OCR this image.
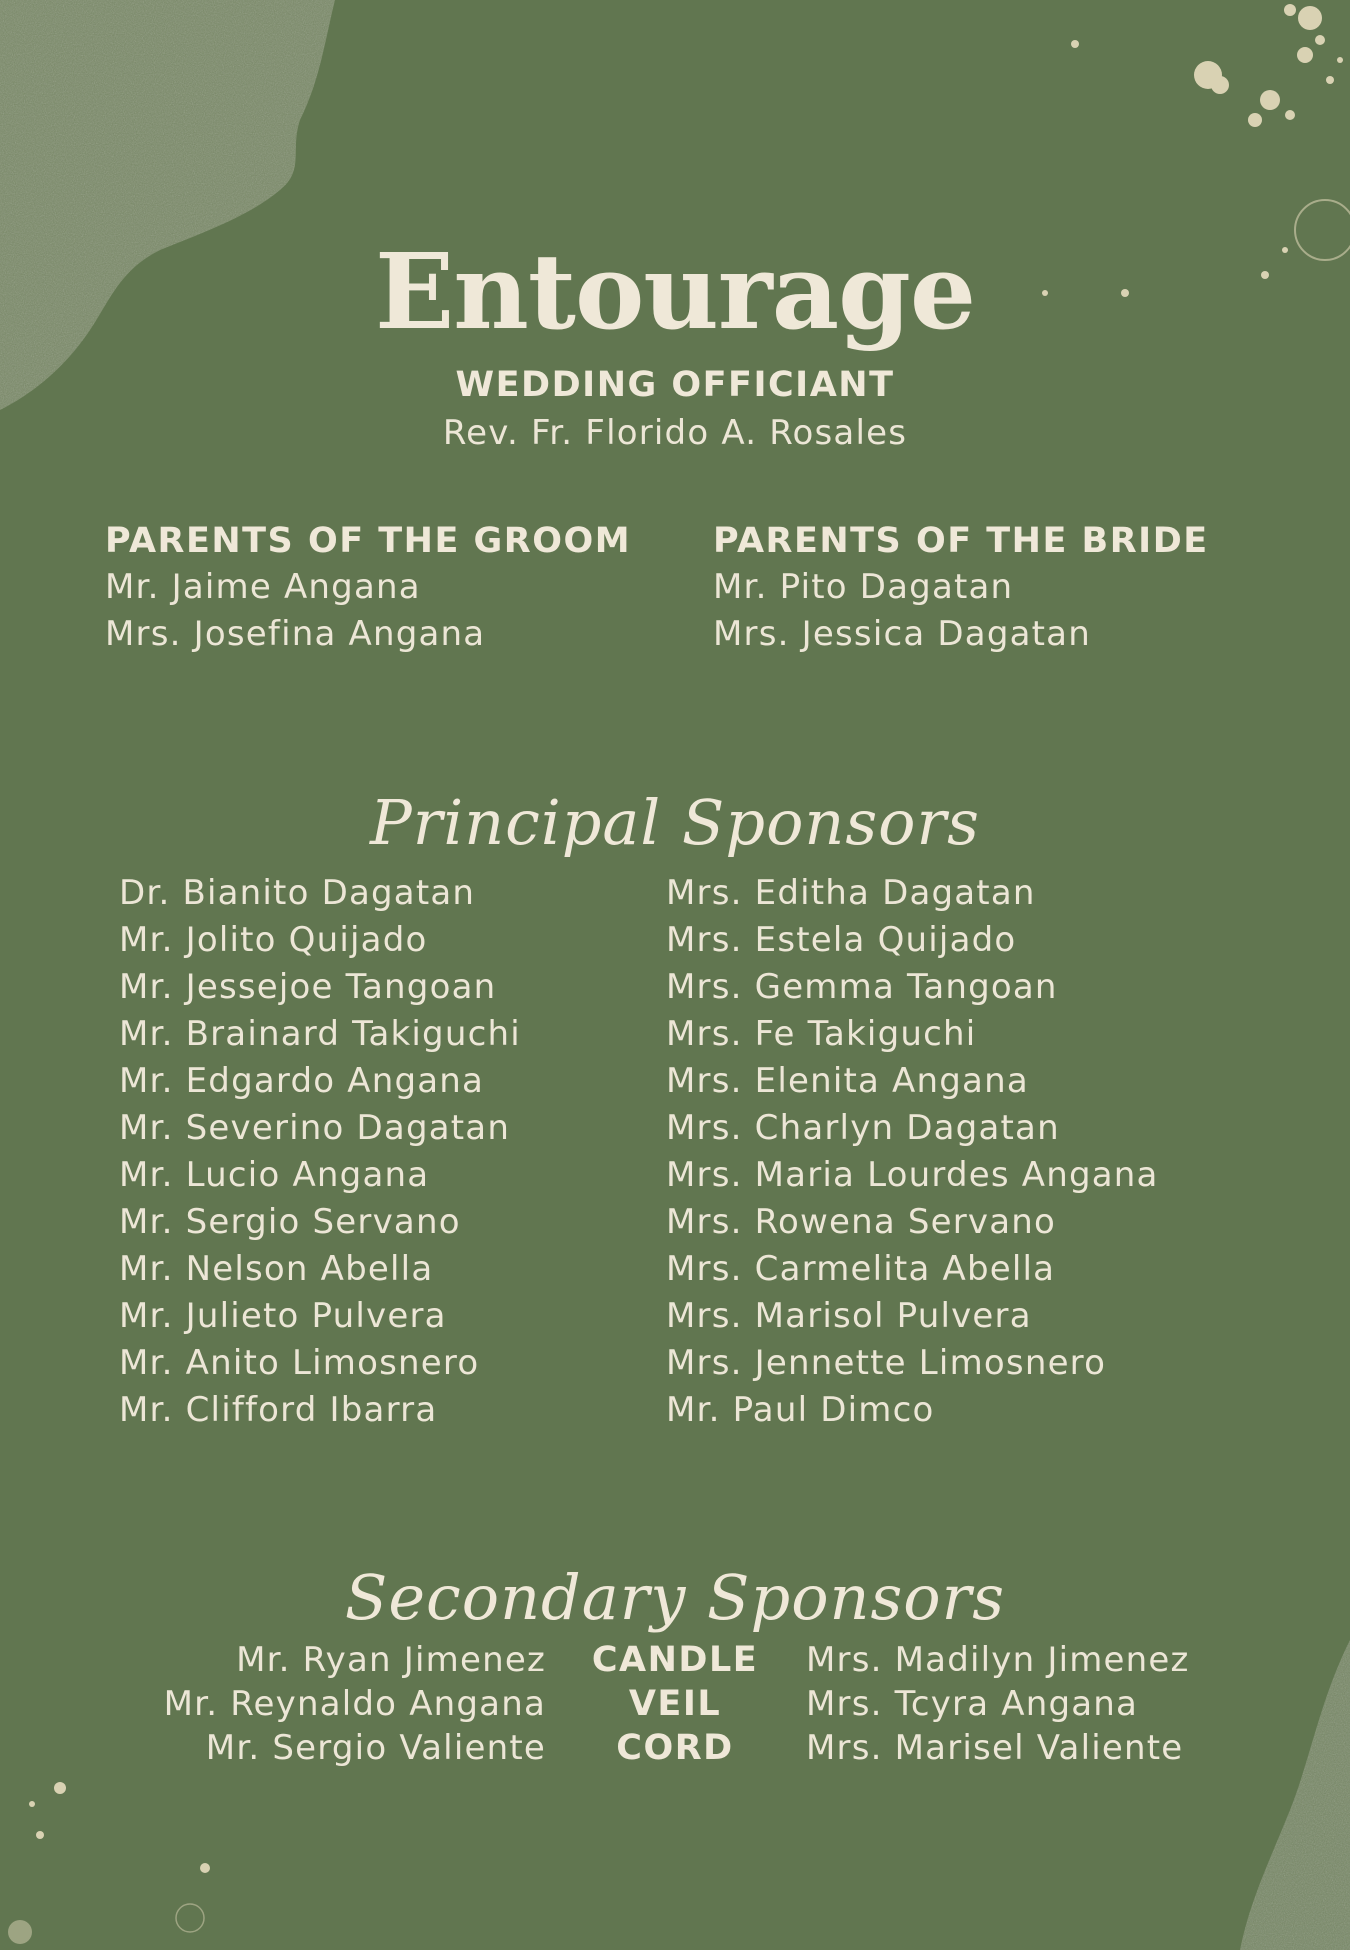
Entourage
WEDDING OFFICIANT
Rev. Fr. Florido A. Rosales
PARENTS OF THE GROOM
Mr. Jaime Angana
Mrs. Josefina Angana
PARENTS OF THE BRIDE
Mr. Pito Dagatan
Mrs. Jessica Dagatan
Principal Sponsors
Dr. Bianito Dagatan
Mr. Jolito Quijado
Mr. Jessejoe Tangoan
Mr. Brainard Takiguchi
Mr. Edgardo Angana
Mr. Severino Dagatan
Mr. Lucio Angana
Mr. Sergio Servano
Mr. Nelson Abella
Mr. Julieto Pulvera
Mr. Anito Limosnero
Mr. Clifford Ibarra
Mrs. Editha Dagatan
Mrs. Estela Quijado
Mrs. Gemma Tangoan
Mrs. Fe Takiguchi
Mrs. Elenita Angana
Mrs. Charlyn Dagatan
Mrs. Maria Lourdes Angana
Mrs. Rowena Servano
Mrs. Carmelita Abella
Mrs. Marisol Pulvera
Mrs. Jennette Limosnero
Mr. Paul Dimco
Secondary Sponsors
Mr. Ryan Jimenez
Mr. Reynaldo Angana
Mr. Sergio Valiente
CANDLE
VEIL
CORD
Mrs. Madilyn Jimenez
Mrs. Tcyra Angana
Mrs. Marisel Valiente
